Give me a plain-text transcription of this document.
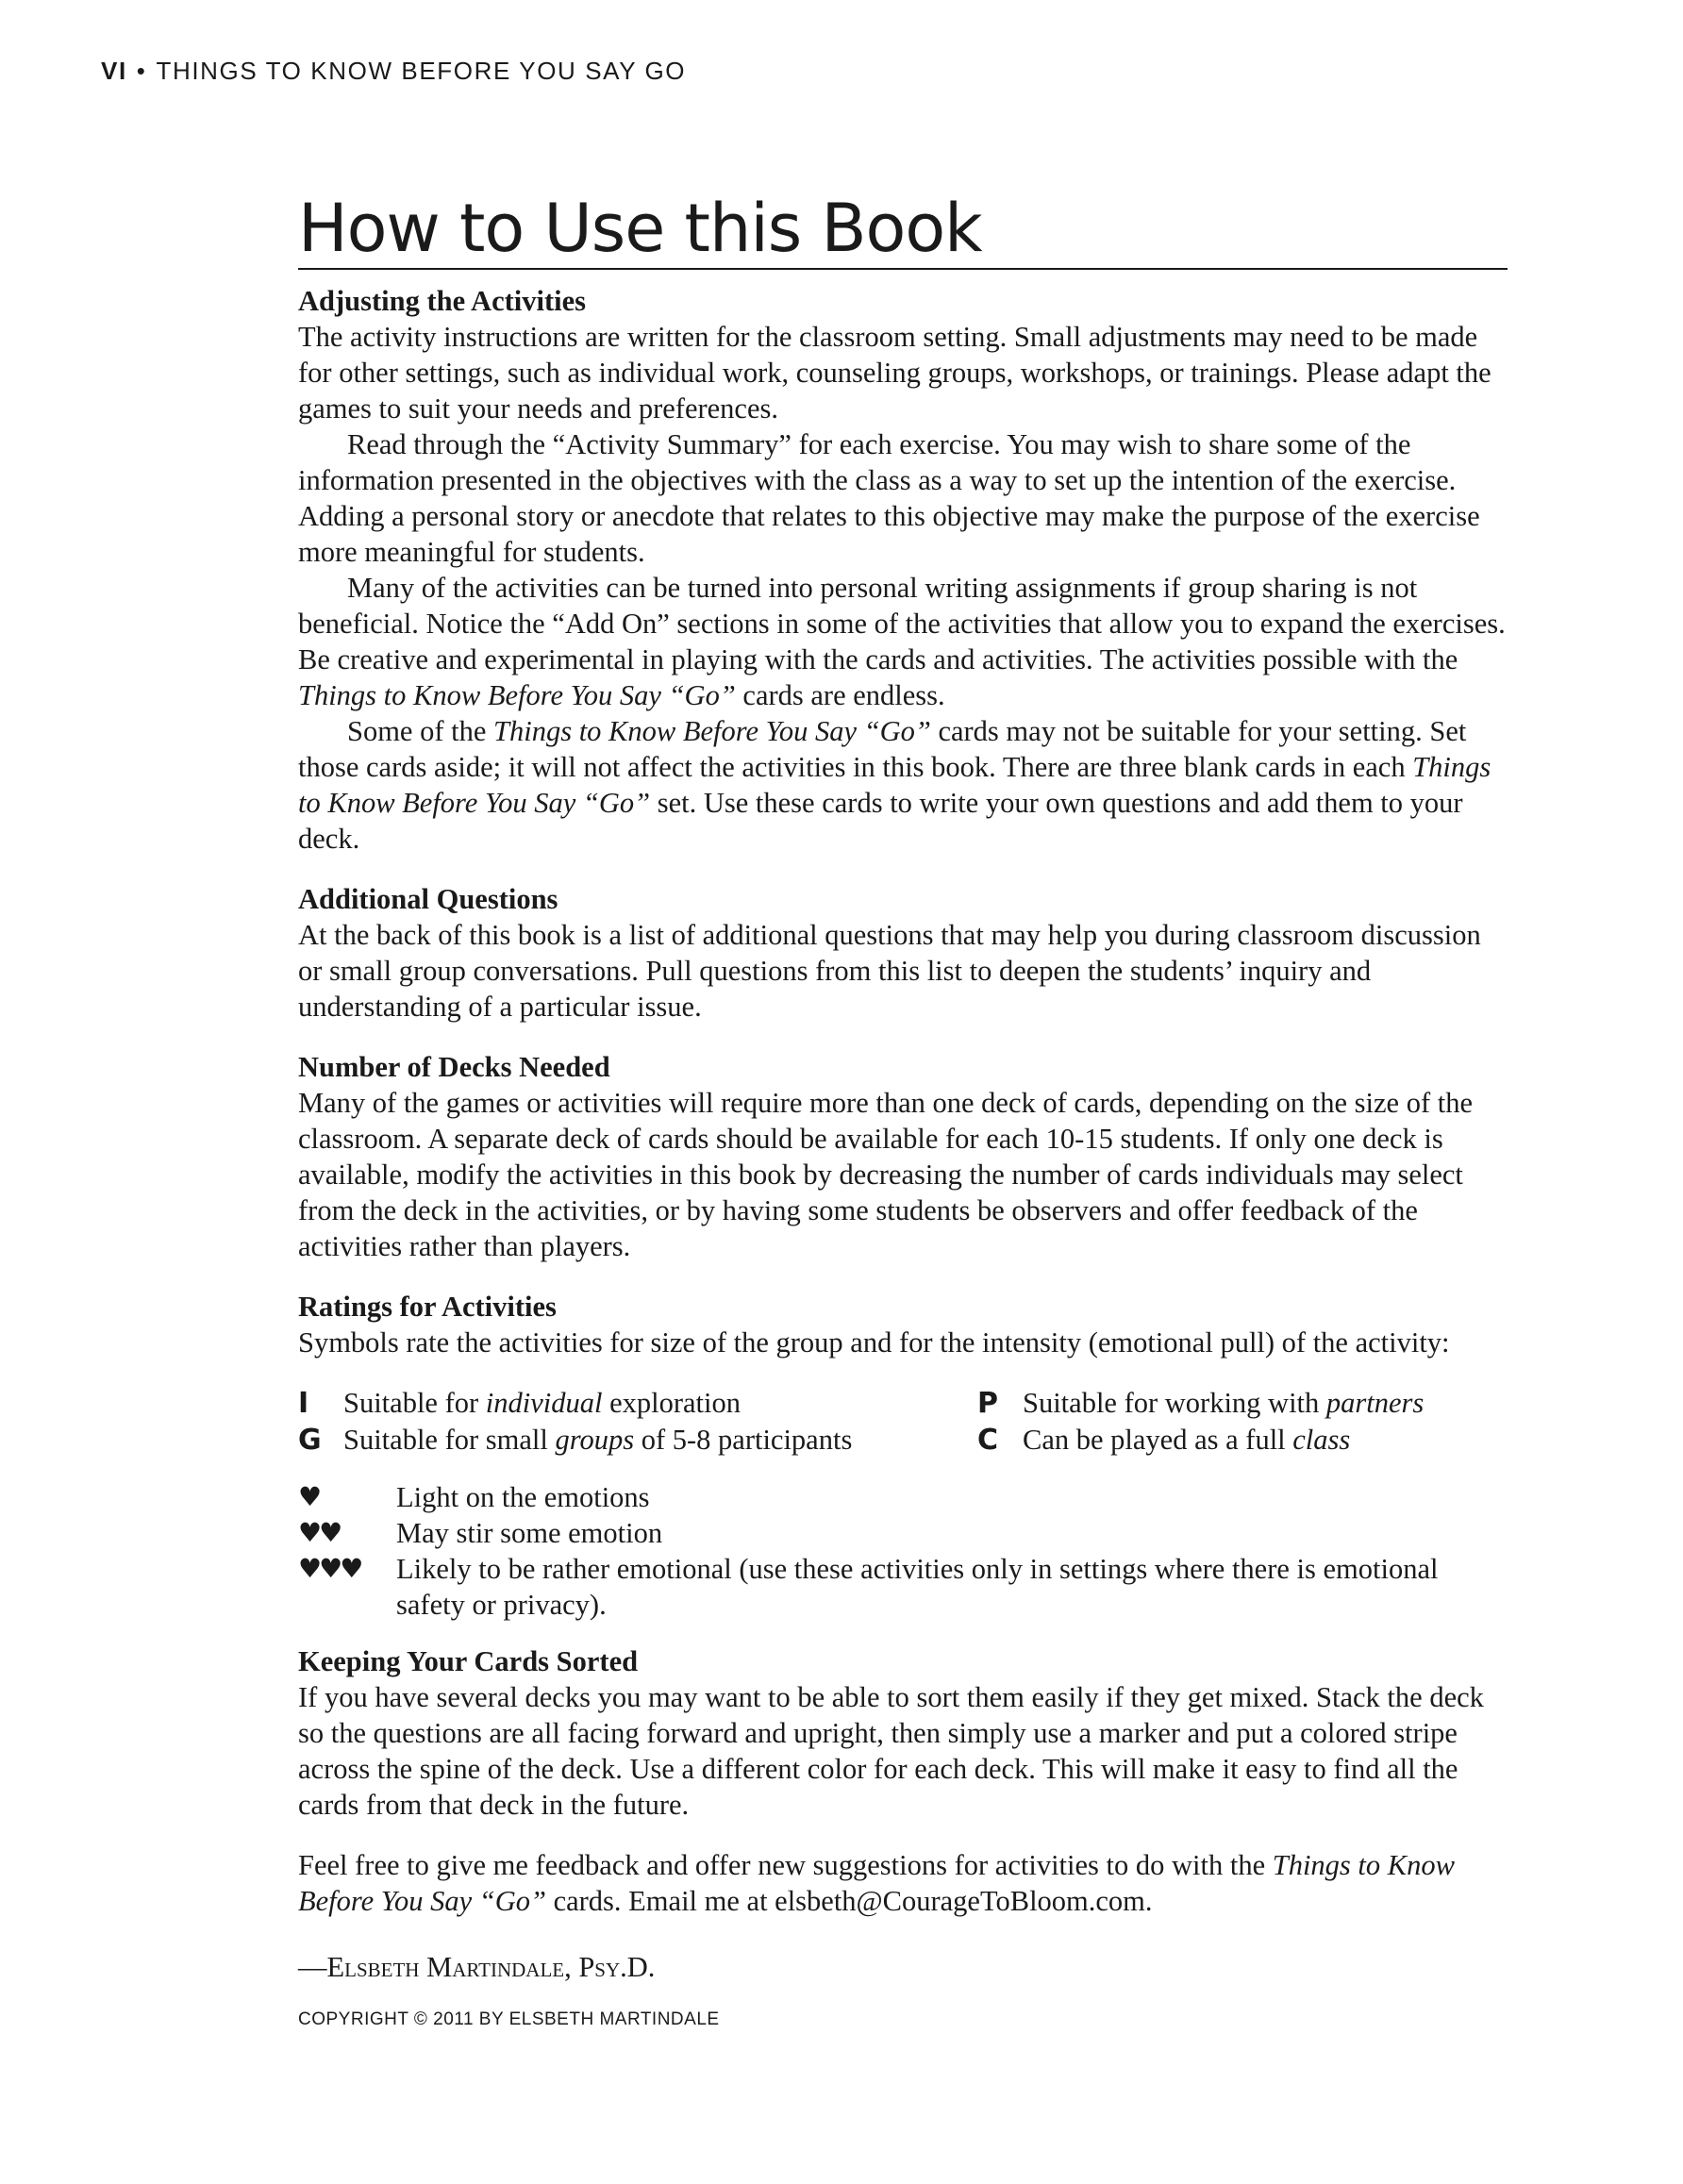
VI • THINGS TO KNOW BEFORE YOU SAY GO
How to Use this Book
Adjusting the Activities

The activity instructions are written for the classroom setting. Small adjustments may need to be made for other settings, such as individual work, counseling groups, workshops, or trainings. Please adapt the games to suit your needs and preferences.

Read through the “Activity Summary” for each exercise. You may wish to share some of the information presented in the objectives with the class as a way to set up the intention of the exercise. Adding a personal story or anecdote that relates to this objective may make the purpose of the exercise more meaningful for students.

Many of the activities can be turned into personal writing assignments if group sharing is not beneficial. Notice the “Add On” sections in some of the activities that allow you to expand the exercises. Be creative and experimental in playing with the cards and activities. The activities possible with the Things to Know Before You Say “Go” cards are endless.

Some of the Things to Know Before You Say “Go” cards may not be suitable for your setting. Set those cards aside; it will not affect the activities in this book. There are three blank cards in each Things to Know Before You Say “Go” set. Use these cards to write your own questions and add them to your deck.

Additional Questions

At the back of this book is a list of additional questions that may help you during classroom discussion or small group conversations. Pull questions from this list to deepen the students’ inquiry and understanding of a particular issue.

Number of Decks Needed

Many of the games or activities will require more than one deck of cards, depending on the size of the classroom. A separate deck of cards should be available for each 10-15 students. If only one deck is available, modify the activities in this book by decreasing the number of cards individuals may select from the deck in the activities, or by having some students be observers and offer feedback of the activities rather than players.

Ratings for Activities

Symbols rate the activities for size of the group and for the intensity (emotional pull) of the activity:

I	Suitable for individual exploration	P Suitable for working with partners
G Suitable for small groups of 5-8 participants	C Can be played as a full class
♥	Light on the emotions
♥♥	May stir some emotion
♥♥♥	Likely to be rather emotional (use these activities only in settings where there is emotional safety or privacy).
Keeping Your Cards Sorted

If you have several decks you may want to be able to sort them easily if they get mixed. Stack the deck so the questions are all facing forward and upright, then simply use a marker and put a colored stripe across the spine of the deck. Use a different color for each deck. This will make it easy to find all the cards from that deck in the future.

Feel free to give me feedback and offer new suggestions for activities to do with the Things to Know Before You Say “Go” cards. Email me at elsbeth@CourageToBloom.com.

—Elsbeth Martindale, Psy.D.

COPYRIGHT © 2011 BY ELSBETH MARTINDALE
